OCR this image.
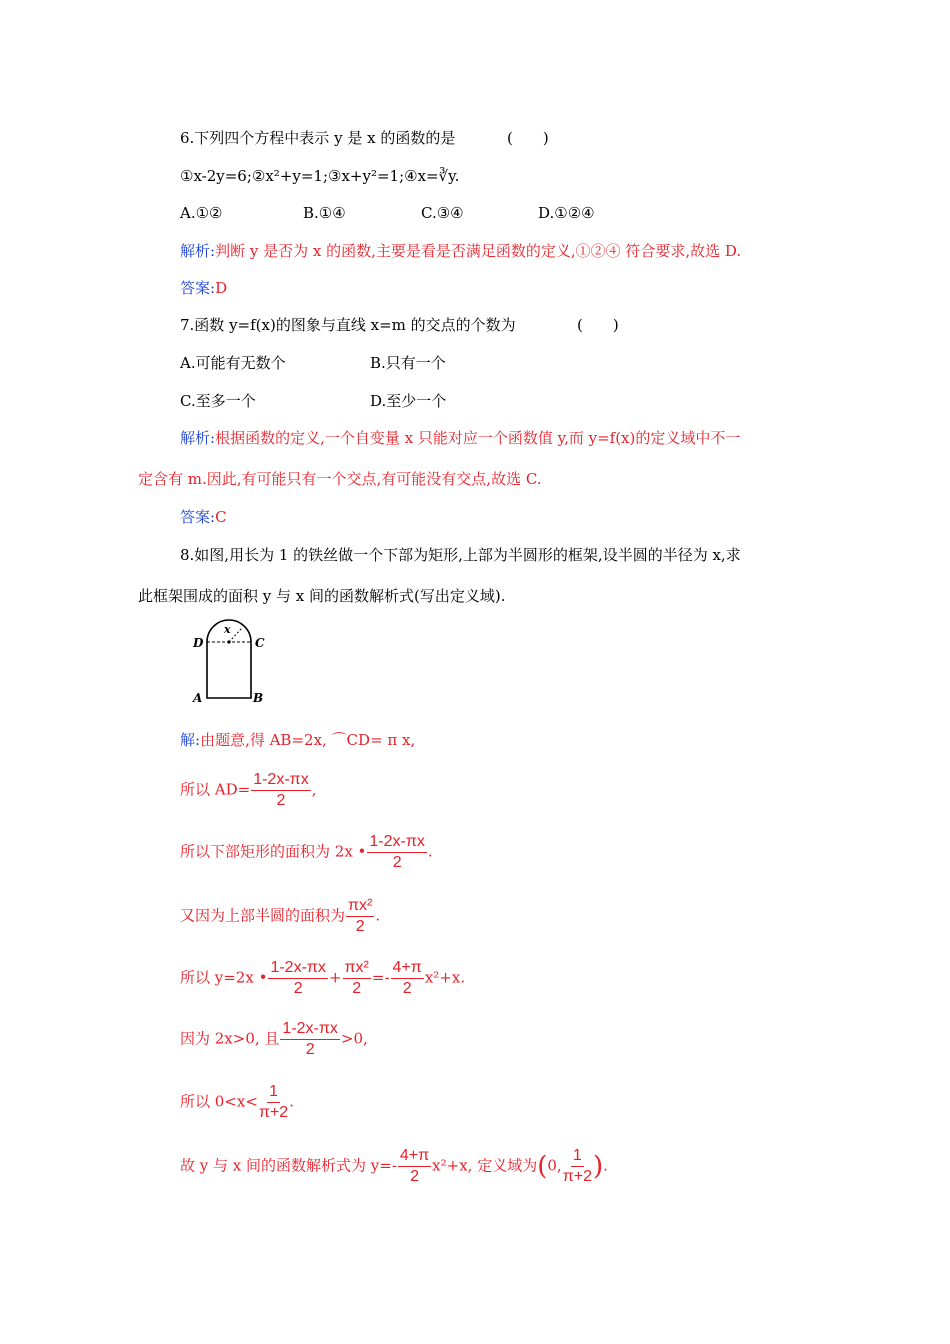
6.下列四个方程中表示 y 是 x 的函数的是	(　　)
①x-2y=6;②x²+y=1;③x+y²=1;④x=∛y.
A.①②	B.①④	C.③④	D.①②④
解析:判断 y 是否为 x 的函数,主要是看是否满足函数的定义,①②④ 符合要求,故选 D.
答案:D
7.函数 y=f(x)的图象与直线 x=m 的交点的个数为	(　　)
A.可能有无数个	B.只有一个
C.至多一个	D.至少一个
解析:根据函数的定义,一个自变量 x 只能对应一个函数值 y,而 y=f(x)的定义域中不一
定含有 m.因此,有可能只有一个交点,有可能没有交点,故选 C.
答案:C
8.如图,用长为 1 的铁丝做一个下部为矩形,上部为半圆形的框架,设半圆的半径为 x,求
此框架围成的面积 y 与 x 间的函数解析式(写出定义域).
x
D	C
A	B
解:由题意,得 AB=2x, ⌒CD= π x,
所以 $AD= \frac{1-2x-\pi x}{2}$ ,
所以下部矩形的面积为 2x • $\frac{1-2x-\pi x}{2}$ .
又因为上部半圆的面积为 $\frac{\text{πx²}}{2}$ .
所以 y=2x • $\frac{1-2x-\pi x}{2} + \frac{\text{πx²}}{2} =- \frac{4+\pi}{2} x^2+x$.
因为 2x>0, 且 $\frac{1-2x-\pi x}{2} >0$,
所以 $0<x< \frac{1}{\pi+2}$ .
故 y 与 x 间的函数解析式为 $y=- \frac{4+\pi}{2} x^2+x$, 定义域为(0, $\frac{1}{\pi+2}$ ).
